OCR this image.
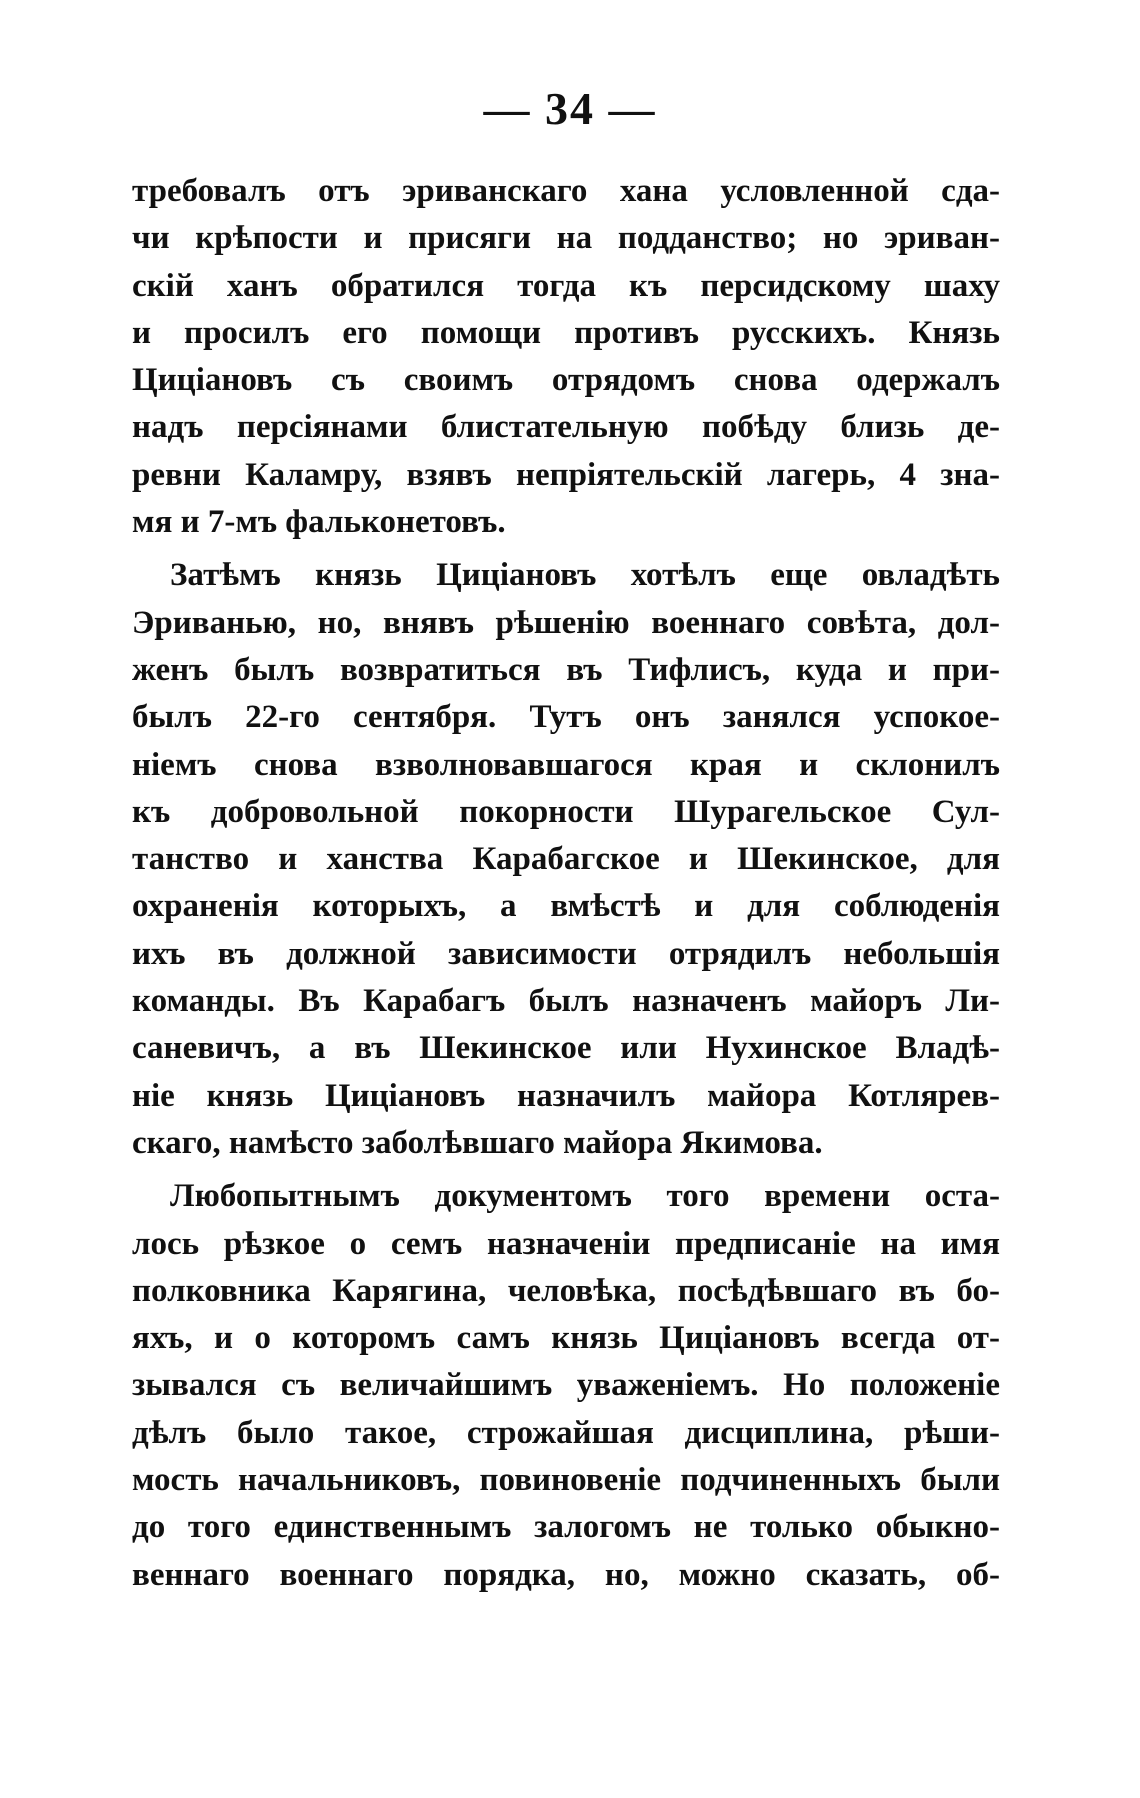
— 34 —
требовалъ отъ эриванскаго хана условленной сда-
чи крѣпости и присяги на подданство; но эриван-
скій ханъ обратился тогда къ персидскому шаху
и просилъ его помощи противъ русскихъ. Князь
Циціановъ съ своимъ отрядомъ снова одержалъ
надъ персіянами блистательную побѣду близь де-
ревни Каламру, взявъ непріятельскій лагерь, 4 зна-
мя и 7-мъ фальконетовъ.
Затѣмъ князь Циціановъ хотѣлъ еще овладѣть
Эриванью, но, внявъ рѣшенію военнаго совѣта, дол-
женъ былъ возвратиться въ Тифлисъ, куда и при-
былъ 22-го сентября. Тутъ онъ занялся успокое-
ніемъ снова взволновавшагося края и склонилъ
къ добровольной покорности Шурагельское Сул-
танство и ханства Карабагское и Шекинское, для
охраненія которыхъ, а вмѣстѣ и для соблюденія
ихъ въ должной зависимости отрядилъ небольшія
команды. Въ Карабагъ былъ назначенъ майоръ Ли-
саневичъ, а въ Шекинское или Нухинское Владѣ-
ніе князь Циціановъ назначилъ майора Котлярев-
скаго, намѣсто заболѣвшаго майора Якимова.
Любопытнымъ документомъ того времени оста-
лось рѣзкое о семъ назначеніи предписаніе на имя
полковника Карягина, человѣка, посѣдѣвшаго въ бо-
яхъ, и о которомъ самъ князь Циціановъ всегда от-
зывался съ величайшимъ уваженіемъ. Но положеніе
дѣлъ было такое, строжайшая дисциплина, рѣши-
мость начальниковъ, повиновеніе подчиненныхъ были
до того единственнымъ залогомъ не только обыкно-
веннаго военнаго порядка, но, можно сказать, об-
